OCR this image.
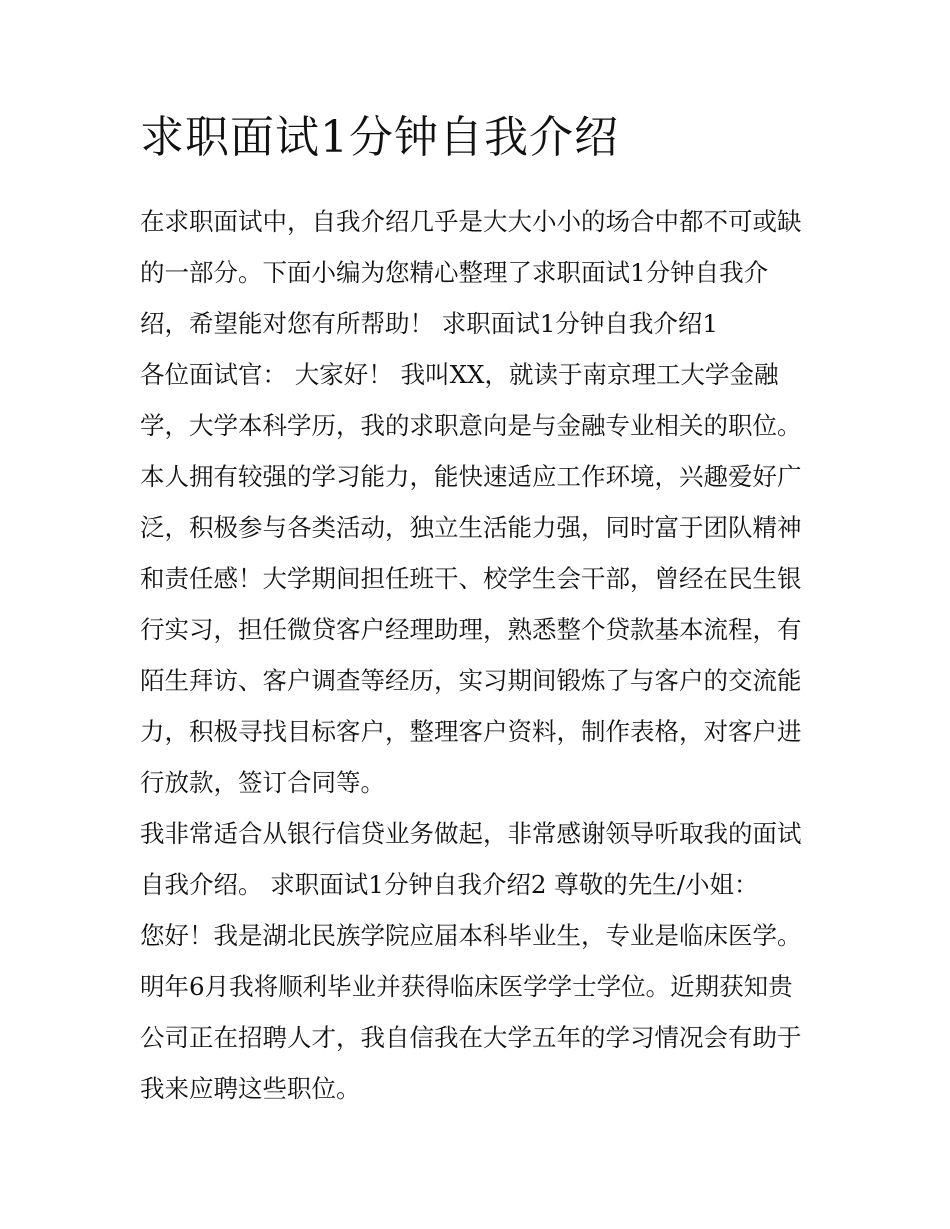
求职面试1分钟自我介绍
在求职面试中，自我介绍几乎是大大小小的场合中都不可或缺
的一部分。下面小编为您精心整理了求职面试1分钟自我介
绍，希望能对您有所帮助！ 求职面试1分钟自我介绍1
各位面试官： 大家好！ 我叫XX，就读于南京理工大学金融
学，大学本科学历，我的求职意向是与金融专业相关的职位。
本人拥有较强的学习能力，能快速适应工作环境，兴趣爱好广
泛，积极参与各类活动，独立生活能力强，同时富于团队精神
和责任感！大学期间担任班干、校学生会干部，曾经在民生银
行实习，担任微贷客户经理助理，熟悉整个贷款基本流程，有
陌生拜访、客户调查等经历，实习期间锻炼了与客户的交流能
力，积极寻找目标客户，整理客户资料，制作表格，对客户进
行放款，签订合同等。
我非常适合从银行信贷业务做起，非常感谢领导听取我的面试
自我介绍。 求职面试1分钟自我介绍2 尊敬的先生/小姐：
您好！我是湖北民族学院应届本科毕业生，专业是临床医学。
明年6月我将顺利毕业并获得临床医学学士学位。近期获知贵
公司正在招聘人才，我自信我在大学五年的学习情况会有助于
我来应聘这些职位。
